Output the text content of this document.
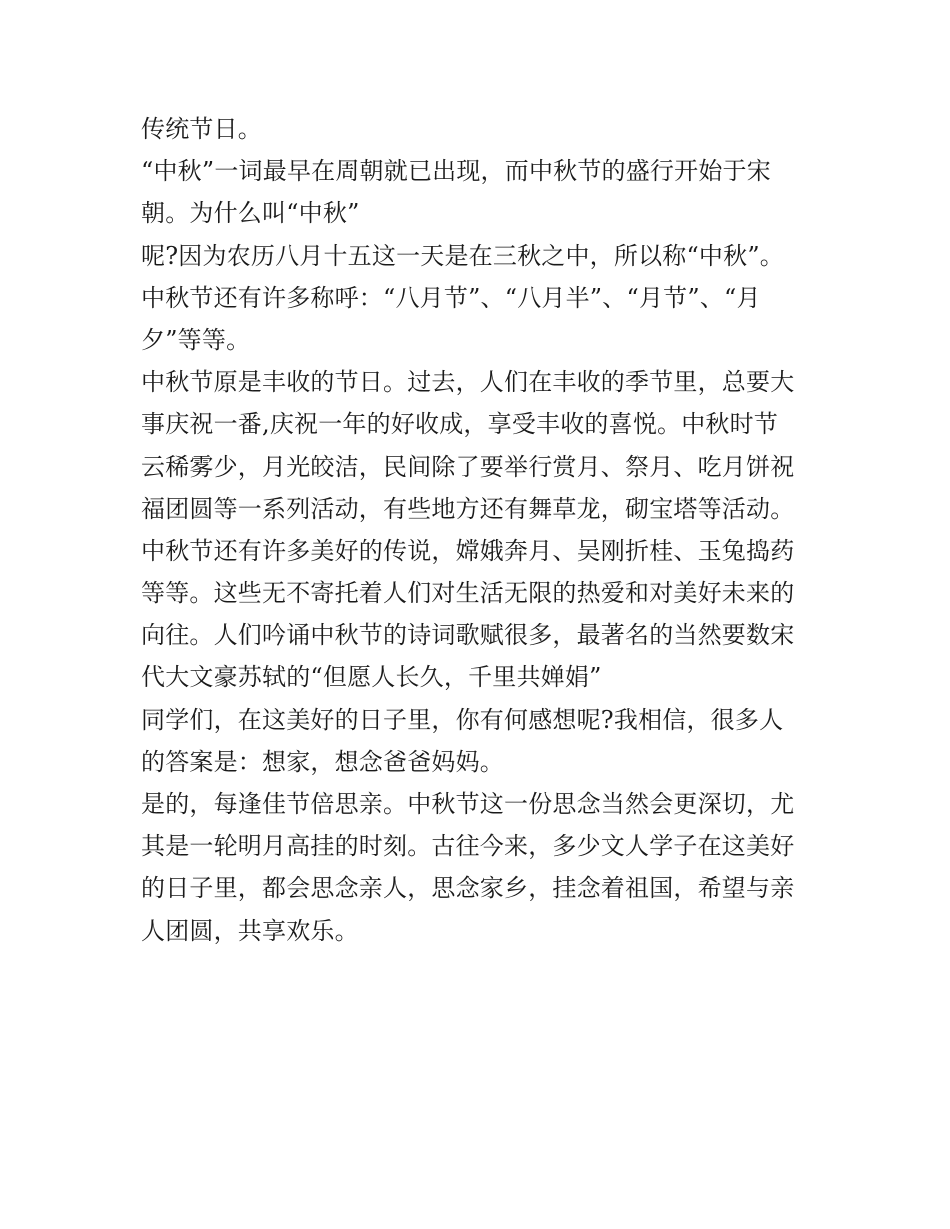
传统节日。
“中秋”一词最早在周朝就已出现，而中秋节的盛行开始于宋
朝。为什么叫“中秋”
呢?因为农历八月十五这一天是在三秋之中，所以称“中秋”。
中秋节还有许多称呼：“八月节”、“八月半”、“月节”、“月
夕”等等。
中秋节原是丰收的节日。过去，人们在丰收的季节里，总要大
事庆祝一番,庆祝一年的好收成，享受丰收的喜悦。中秋时节
云稀雾少，月光皎洁，民间除了要举行赏月、祭月、吃月饼祝
福团圆等一系列活动，有些地方还有舞草龙，砌宝塔等活动。
中秋节还有许多美好的传说，嫦娥奔月、吴刚折桂、玉兔捣药
等等。这些无不寄托着人们对生活无限的热爱和对美好未来的
向往。人们吟诵中秋节的诗词歌赋很多，最著名的当然要数宋
代大文豪苏轼的“但愿人长久，千里共婵娟”
同学们，在这美好的日子里，你有何感想呢?我相信，很多人
的答案是：想家，想念爸爸妈妈。
是的，每逢佳节倍思亲。中秋节这一份思念当然会更深切，尤
其是一轮明月高挂的时刻。古往今来，多少文人学子在这美好
的日子里，都会思念亲人，思念家乡，挂念着祖国，希望与亲
人团圆，共享欢乐。
